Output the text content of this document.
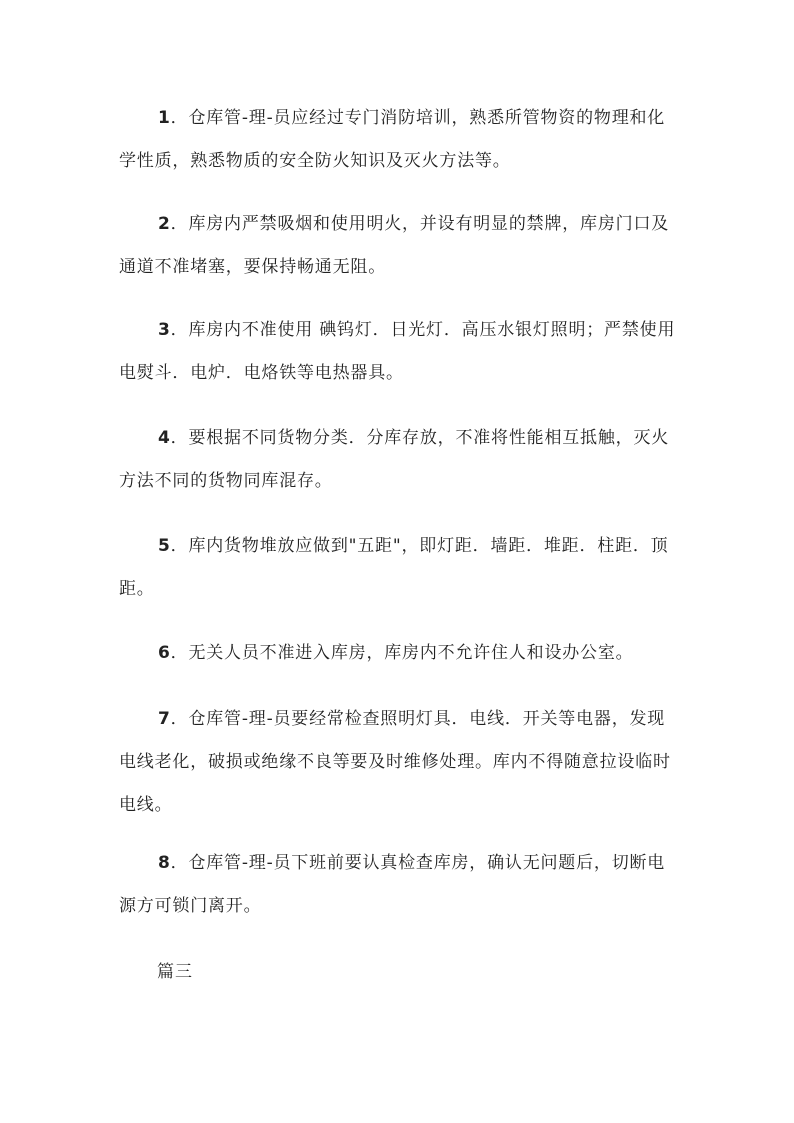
1．仓库管-理-员应经过专门消防培训，熟悉所管物资的物理和化学性质，熟悉物质的安全防火知识及灭火方法等。

2．库房内严禁吸烟和使用明火，并设有明显的禁牌，库房门口及通道不准堵塞，要保持畅通无阻。

3．库房内不准使用 碘钨灯．日光灯．高压水银灯照明；严禁使用电熨斗．电炉．电烙铁等电热器具。

4．要根据不同货物分类．分库存放，不准将性能相互抵触，灭火方法不同的货物同库混存。

5．库内货物堆放应做到"五距"，即灯距．墙距．堆距．柱距．顶距。

6．无关人员不准进入库房，库房内不允许住人和设办公室。

7．仓库管-理-员要经常检查照明灯具．电线．开关等电器，发现电线老化，破损或绝缘不良等要及时维修处理。库内不得随意拉设临时电线。

8．仓库管-理-员下班前要认真检查库房，确认无问题后，切断电源方可锁门离开。

篇三
